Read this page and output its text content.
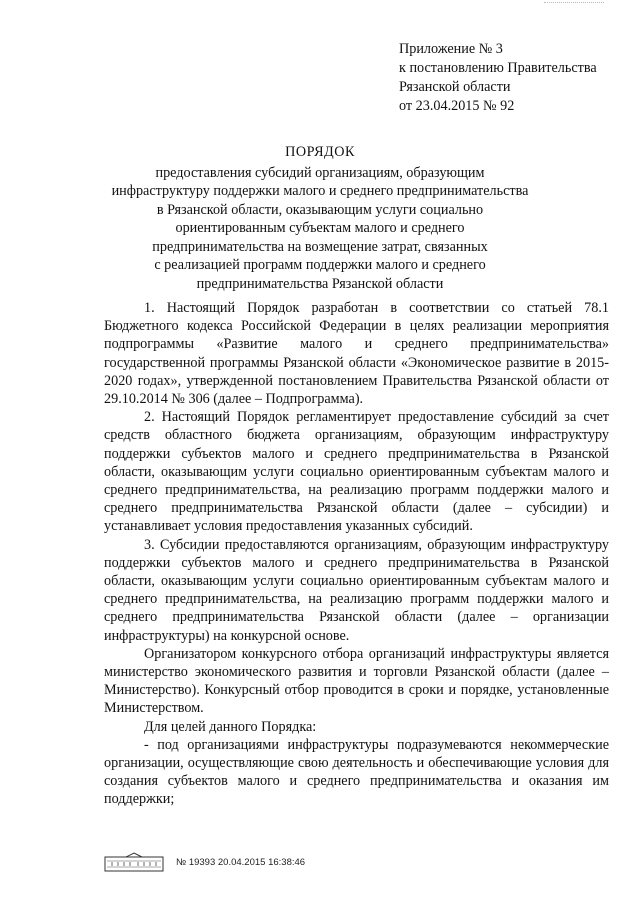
Приложение № 3
к постановлению Правительства
Рязанской области
от 23.04.2015 № 92
ПОРЯДОК
предоставления субсидий организациям, образующим
инфраструктуру поддержки малого и среднего предпринимательства
в Рязанской области, оказывающим услуги социально
ориентированным субъектам малого и среднего
предпринимательства на возмещение затрат, связанных
с реализацией программ поддержки малого и среднего
предпринимательства Рязанской области

1. Настоящий Порядок разработан в соответствии со статьей 78.1 Бюджетного кодекса Российской Федерации в целях реализации мероприятия подпрограммы «Развитие малого и среднего предпринимательства» государственной программы Рязанской области «Экономическое развитие в 2015-2020 годах», утвержденной постановлением Правительства Рязанской области от 29.10.2014 № 306 (далее – Подпрограмма).

2. Настоящий Порядок регламентирует предоставление субсидий за счет средств областного бюджета организациям, образующим инфраструктуру поддержки субъектов малого и среднего предпринимательства в Рязанской области, оказывающим услуги социально ориентированным субъектам малого и среднего предпринимательства, на реализацию программ поддержки малого и среднего предпринимательства Рязанской области (далее – субсидии) и устанавливает условия предоставления указанных субсидий.

3. Субсидии предоставляются организациям, образующим инфраструктуру поддержки субъектов малого и среднего предпринимательства в Рязанской области, оказывающим услуги социально ориентированным субъектам малого и среднего предпринимательства, на реализацию программ поддержки малого и среднего предпринимательства Рязанской области (далее – организации инфраструктуры) на конкурсной основе.

Организатором конкурсного отбора организаций инфраструктуры является министерство экономического развития и торговли Рязанской области (далее – Министерство). Конкурсный отбор проводится в сроки и порядке, установленные Министерством.

Для целей данного Порядка:

- под организациями инфраструктуры подразумеваются некоммерческие организации, осуществляющие свою деятельность и обеспечивающие условия для создания субъектов малого и среднего предпринимательства и оказания им поддержки;

№ 19393 20.04.2015 16:38:46
